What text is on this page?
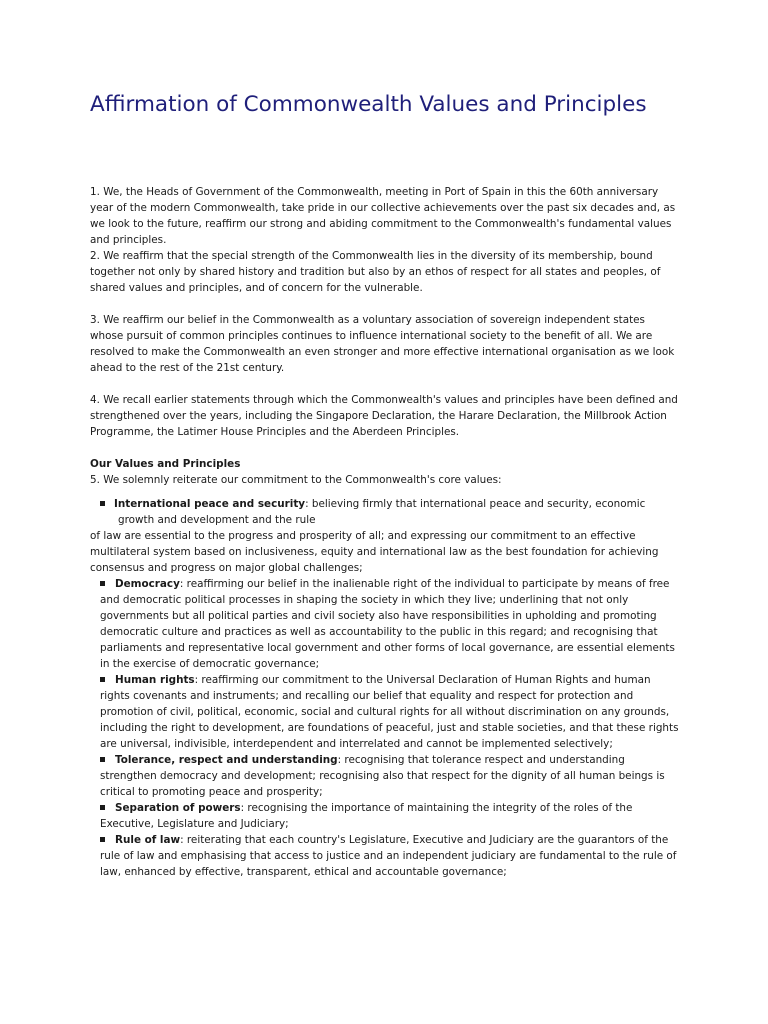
Affirmation of Commonwealth Values and Principles

1. We, the Heads of Government of the Commonwealth, meeting in Port of Spain in this the 60th anniversary year of the modern Commonwealth, take pride in our collective achievements over the past six decades and, as we look to the future, reaffirm our strong and abiding commitment to the Commonwealth's fundamental values and principles.

2. We reaffirm that the special strength of the Commonwealth lies in the diversity of its membership, bound together not only by shared history and tradition but also by an ethos of respect for all states and peoples, of shared values and principles, and of concern for the vulnerable.

3. We reaffirm our belief in the Commonwealth as a voluntary association of sovereign independent states whose pursuit of common principles continues to influence international society to the benefit of all. We are resolved to make the Commonwealth an even stronger and more effective international organisation as we look ahead to the rest of the 21st century.

4. We recall earlier statements through which the Commonwealth's values and principles have been defined and strengthened over the years, including the Singapore Declaration, the Harare Declaration, the Millbrook Action Programme, the Latimer House Principles and the Aberdeen Principles.

Our Values and Principles

5. We solemnly reiterate our commitment to the Commonwealth's core values:

International peace and security: believing firmly that international peace and security, economic growth and development and the rule
of law are essential to the progress and prosperity of all; and expressing our commitment to an effective multilateral system based on inclusiveness, equity and international law as the best foundation for achieving consensus and progress on major global challenges;
Democracy: reaffirming our belief in the inalienable right of the individual to participate by means of free and democratic political processes in shaping the society in which they live; underlining that not only governments but all political parties and civil society also have responsibilities in upholding and promoting democratic culture and practices as well as accountability to the public in this regard; and recognising that parliaments and representative local government and other forms of local governance, are essential elements in the exercise of democratic governance;
Human rights: reaffirming our commitment to the Universal Declaration of Human Rights and human rights covenants and instruments; and recalling our belief that equality and respect for protection and promotion of civil, political, economic, social and cultural rights for all without discrimination on any grounds, including the right to development, are foundations of peaceful, just and stable societies, and that these rights are universal, indivisible, interdependent and interrelated and cannot be implemented selectively;
Tolerance, respect and understanding: recognising that tolerance respect and understanding strengthen democracy and development; recognising also that respect for the dignity of all human beings is critical to promoting peace and prosperity;
Separation of powers: recognising the importance of maintaining the integrity of the roles of the Executive, Legislature and Judiciary;
Rule of law: reiterating that each country's Legislature, Executive and Judiciary are the guarantors of the rule of law and emphasising that access to justice and an independent judiciary are fundamental to the rule of law, enhanced by effective, transparent, ethical and accountable governance;
